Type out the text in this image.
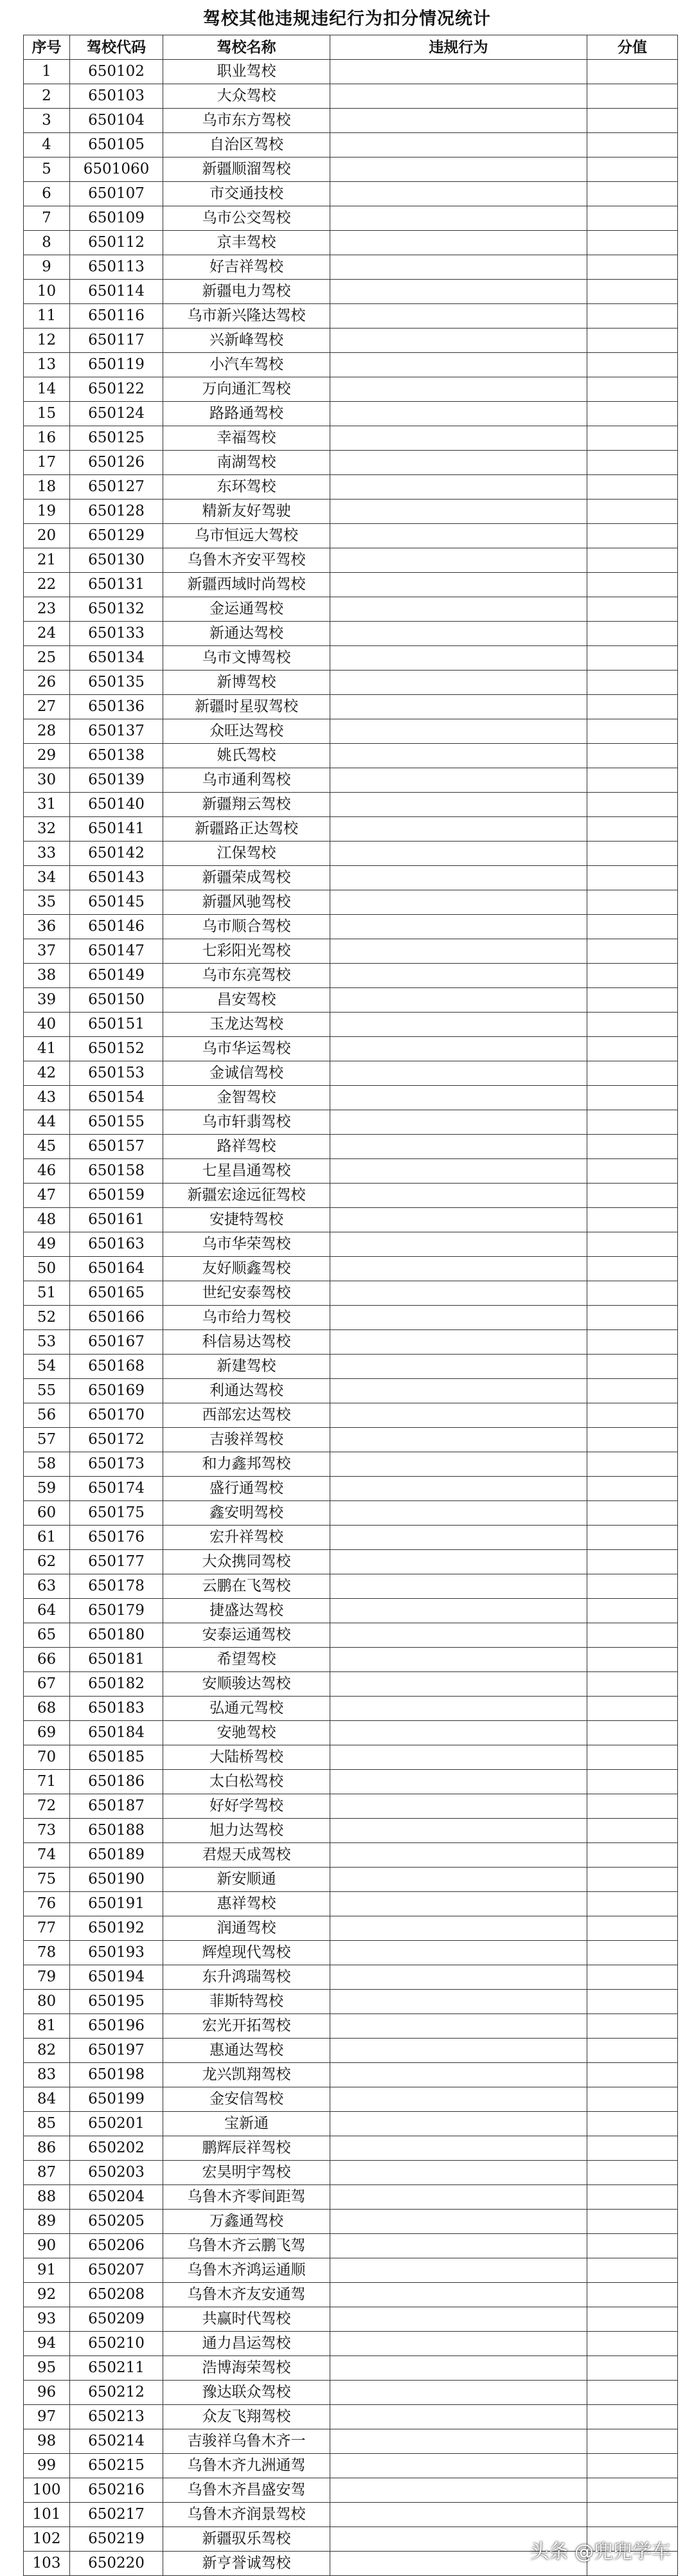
驾校其他违规违纪行为扣分情况统计
序号	驾校代码	驾校名称	违规行为	分值
1	650102	职业驾校		
2	650103	大众驾校		
3	650104	乌市东方驾校		
4	650105	自治区驾校		
5	6501060	新疆顺溜驾校		
6	650107	市交通技校		
7	650109	乌市公交驾校		
8	650112	京丰驾校		
9	650113	好吉祥驾校		
10	650114	新疆电力驾校		
11	650116	乌市新兴隆达驾校		
12	650117	兴新峰驾校		
13	650119	小汽车驾校		
14	650122	万向通汇驾校		
15	650124	路路通驾校		
16	650125	幸福驾校		
17	650126	南湖驾校		
18	650127	东环驾校		
19	650128	精新友好驾驶		
20	650129	乌市恒远大驾校		
21	650130	乌鲁木齐安平驾校		
22	650131	新疆西域时尚驾校		
23	650132	金运通驾校		
24	650133	新通达驾校		
25	650134	乌市文博驾校		
26	650135	新博驾校		
27	650136	新疆时星驭驾校		
28	650137	众旺达驾校		
29	650138	姚氏驾校		
30	650139	乌市通利驾校		
31	650140	新疆翔云驾校		
32	650141	新疆路正达驾校		
33	650142	江保驾校		
34	650143	新疆荣成驾校		
35	650145	新疆风驰驾校		
36	650146	乌市顺合驾校		
37	650147	七彩阳光驾校		
38	650149	乌市东亮驾校		
39	650150	昌安驾校		
40	650151	玉龙达驾校		
41	650152	乌市华运驾校		
42	650153	金诚信驾校		
43	650154	金智驾校		
44	650155	乌市轩翡驾校		
45	650157	路祥驾校		
46	650158	七星昌通驾校		
47	650159	新疆宏途远征驾校		
48	650161	安捷特驾校		
49	650163	乌市华荣驾校		
50	650164	友好顺鑫驾校		
51	650165	世纪安泰驾校		
52	650166	乌市给力驾校		
53	650167	科信易达驾校		
54	650168	新建驾校		
55	650169	利通达驾校		
56	650170	西部宏达驾校		
57	650172	吉骏祥驾校		
58	650173	和力鑫邦驾校		
59	650174	盛行通驾校		
60	650175	鑫安明驾校		
61	650176	宏升祥驾校		
62	650177	大众携同驾校		
63	650178	云鹏在飞驾校		
64	650179	捷盛达驾校		
65	650180	安泰运通驾校		
66	650181	希望驾校		
67	650182	安顺骏达驾校		
68	650183	弘通元驾校		
69	650184	安驰驾校		
70	650185	大陆桥驾校		
71	650186	太白松驾校		
72	650187	好好学驾校		
73	650188	旭力达驾校		
74	650189	君煜天成驾校		
75	650190	新安顺通		
76	650191	惠祥驾校		
77	650192	润通驾校		
78	650193	辉煌现代驾校		
79	650194	东升鸿瑞驾校		
80	650195	菲斯特驾校		
81	650196	宏光开拓驾校		
82	650197	惠通达驾校		
83	650198	龙兴凯翔驾校		
84	650199	金安信驾校		
85	650201	宝新通		
86	650202	鹏辉辰祥驾校		
87	650203	宏昊明宇驾校		
88	650204	乌鲁木齐零间距驾		
89	650205	万鑫通驾校		
90	650206	乌鲁木齐云鹏飞驾		
91	650207	乌鲁木齐鸿运通顺		
92	650208	乌鲁木齐友安通驾		
93	650209	共赢时代驾校		
94	650210	通力昌运驾校		
95	650211	浩博海荣驾校		
96	650212	豫达联众驾校		
97	650213	众友飞翔驾校		
98	650214	吉骏祥乌鲁木齐一		
99	650215	乌鲁木齐九洲通驾		
100	650216	乌鲁木齐昌盛安驾		
101	650217	乌鲁木齐润景驾校		
102	650219	新疆驭乐驾校		
103	650220	新亨誉诚驾校			头条 @兜兜学车
